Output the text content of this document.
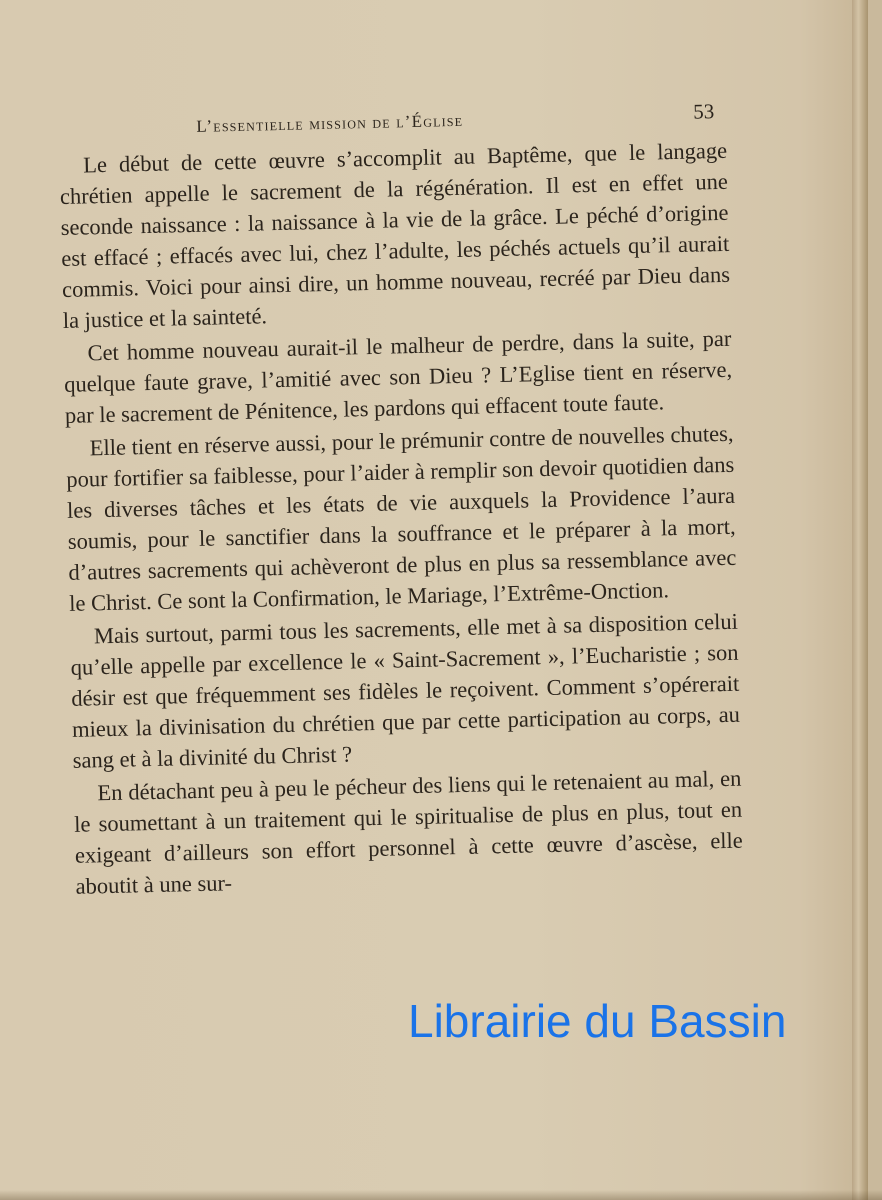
L’essentielle mission de l’Église	53

Le début de cette œuvre s’accomplit au Baptême, que le langage chrétien appelle le sacrement de la régénération. Il est en effet une seconde naissance : la naissance à la vie de la grâce. Le péché d’origine est effacé ; effacés avec lui, chez l’adulte, les péchés actuels qu’il aurait commis. Voici pour ainsi dire, un homme nouveau, recréé par Dieu dans la justice et la sainteté.

Cet homme nouveau aurait-il le malheur de perdre, dans la suite, par quelque faute grave, l’amitié avec son Dieu ? L’Eglise tient en réserve, par le sacrement de Pénitence, les pardons qui effacent toute faute.

Elle tient en réserve aussi, pour le prémunir contre de nouvelles chutes, pour fortifier sa faiblesse, pour l’aider à remplir son devoir quotidien dans les diverses tâches et les états de vie auxquels la Providence l’aura soumis, pour le sanctifier dans la souffrance et le préparer à la mort, d’autres sacrements qui achèveront de plus en plus sa ressemblance avec le Christ. Ce sont la Confirmation, le Mariage, l’Extrême-Onction.

Mais surtout, parmi tous les sacrements, elle met à sa disposition celui qu’elle appelle par excellence le « Saint-Sacrement », l’Eucharistie ; son désir est que fréquemment ses fidèles le reçoivent. Comment s’opérerait mieux la divinisation du chrétien que par cette participation au corps, au sang et à la divinité du Christ ?

En détachant peu à peu le pécheur des liens qui le retenaient au mal, en le soumettant à un traitement qui le spiritualise de plus en plus, tout en exigeant d’ailleurs son effort personnel à cette œuvre d’ascèse, elle aboutit à une sur-

Librairie du Bassin
